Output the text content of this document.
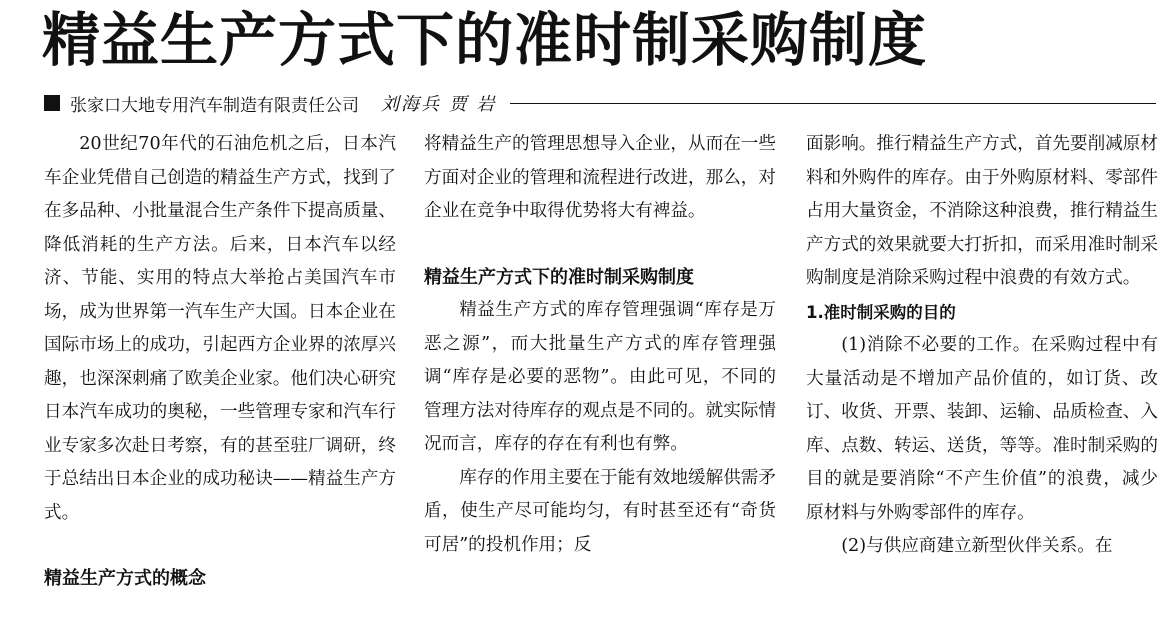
精益生产方式下的准时制采购制度
张家口大地专用汽车制造有限责任公司 刘海兵 贾 岩

20世纪70年代的石油危机之后，日本汽车企业凭借自己创造的精益生产方式，找到了在多品种、小批量混合生产条件下提高质量、降低消耗的生产方法。后来，日本汽车以经济、节能、实用的特点大举抢占美国汽车市场，成为世界第一汽车生产大国。日本企业在国际市场上的成功，引起西方企业界的浓厚兴趣，也深深刺痛了欧美企业家。他们决心研究日本汽车成功的奥秘，一些管理专家和汽车行业专家多次赴日考察，有的甚至驻厂调研，终于总结出日本企业的成功秘诀——精益生产方式。

精益生产方式的概念

将精益生产的管理思想导入企业，从而在一些方面对企业的管理和流程进行改进，那么，对企业在竞争中取得优势将大有裨益。

精益生产方式下的准时制采购制度

精益生产方式的库存管理强调“库存是万恶之源”，而大批量生产方式的库存管理强调“库存是必要的恶物”。由此可见，不同的管理方法对待库存的观点是不同的。就实际情况而言，库存的存在有利也有弊。

库存的作用主要在于能有效地缓解供需矛盾，使生产尽可能均匀，有时甚至还有“奇货可居”的投机作用；反

面影响。推行精益生产方式，首先要削减原材料和外购件的库存。由于外购原材料、零部件占用大量资金，不消除这种浪费，推行精益生产方式的效果就要大打折扣，而采用准时制采购制度是消除采购过程中浪费的有效方式。

1.准时制采购的目的

(1)消除不必要的工作。在采购过程中有大量活动是不增加产品价值的，如订货、改订、收货、开票、装卸、运输、品质检查、入库、点数、转运、送货，等等。准时制采购的目的就是要消除“不产生价值”的浪费，减少原材料与外购零部件的库存。

(2)与供应商建立新型伙伴关系。在
